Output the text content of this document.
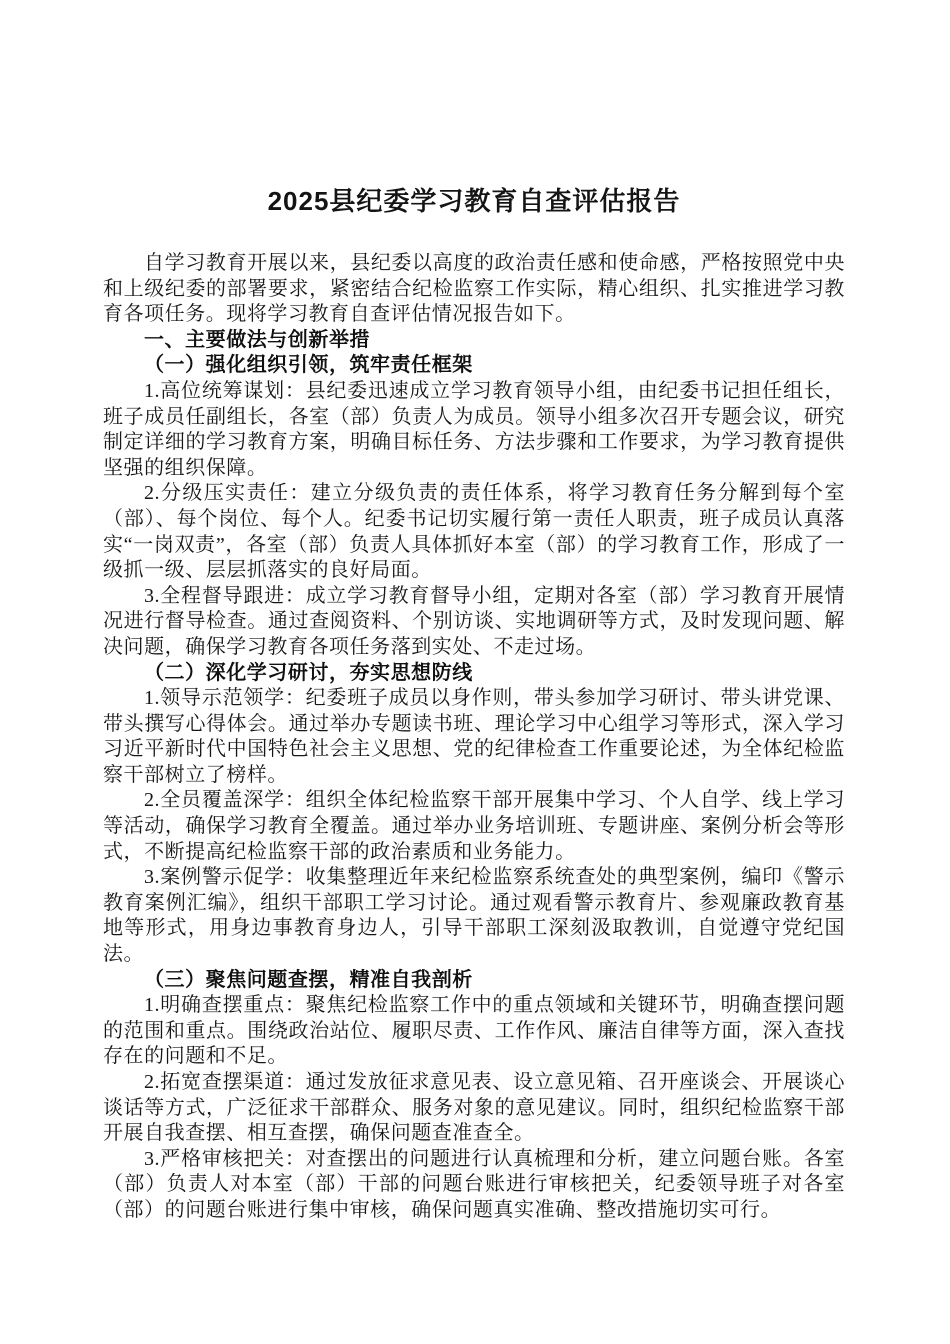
2025县纪委学习教育自查评估报告

自学习教育开展以来，县纪委以高度的政治责任感和使命感，严格按照党中央和上级纪委的部署要求，紧密结合纪检监察工作实际，精心组织、扎实推进学习教育各项任务。现将学习教育自查评估情况报告如下。

一、主要做法与创新举措

（一）强化组织引领，筑牢责任框架

1.高位统筹谋划：县纪委迅速成立学习教育领导小组，由纪委书记担任组长，班子成员任副组长，各室（部）负责人为成员。领导小组多次召开专题会议，研究制定详细的学习教育方案，明确目标任务、方法步骤和工作要求，为学习教育提供坚强的组织保障。

2.分级压实责任：建立分级负责的责任体系，将学习教育任务分解到每个室（部）、每个岗位、每个人。纪委书记切实履行第一责任人职责，班子成员认真落实“一岗双责”，各室（部）负责人具体抓好本室（部）的学习教育工作，形成了一级抓一级、层层抓落实的良好局面。

3.全程督导跟进：成立学习教育督导小组，定期对各室（部）学习教育开展情况进行督导检查。通过查阅资料、个别访谈、实地调研等方式，及时发现问题、解决问题，确保学习教育各项任务落到实处、不走过场。

（二）深化学习研讨，夯实思想防线

1.领导示范领学：纪委班子成员以身作则，带头参加学习研讨、带头讲党课、带头撰写心得体会。通过举办专题读书班、理论学习中心组学习等形式，深入学习习近平新时代中国特色社会主义思想、党的纪律检查工作重要论述，为全体纪检监察干部树立了榜样。

2.全员覆盖深学：组织全体纪检监察干部开展集中学习、个人自学、线上学习等活动，确保学习教育全覆盖。通过举办业务培训班、专题讲座、案例分析会等形式，不断提高纪检监察干部的政治素质和业务能力。

3.案例警示促学：收集整理近年来纪检监察系统查处的典型案例，编印《警示教育案例汇编》，组织干部职工学习讨论。通过观看警示教育片、参观廉政教育基地等形式，用身边事教育身边人，引导干部职工深刻汲取教训，自觉遵守党纪国法。

（三）聚焦问题查摆，精准自我剖析

1.明确查摆重点：聚焦纪检监察工作中的重点领域和关键环节，明确查摆问题的范围和重点。围绕政治站位、履职尽责、工作作风、廉洁自律等方面，深入查找存在的问题和不足。

2.拓宽查摆渠道：通过发放征求意见表、设立意见箱、召开座谈会、开展谈心谈话等方式，广泛征求干部群众、服务对象的意见建议。同时，组织纪检监察干部开展自我查摆、相互查摆，确保问题查准查全。

3.严格审核把关：对查摆出的问题进行认真梳理和分析，建立问题台账。各室（部）负责人对本室（部）干部的问题台账进行审核把关，纪委领导班子对各室（部）的问题台账进行集中审核，确保问题真实准确、整改措施切实可行。
